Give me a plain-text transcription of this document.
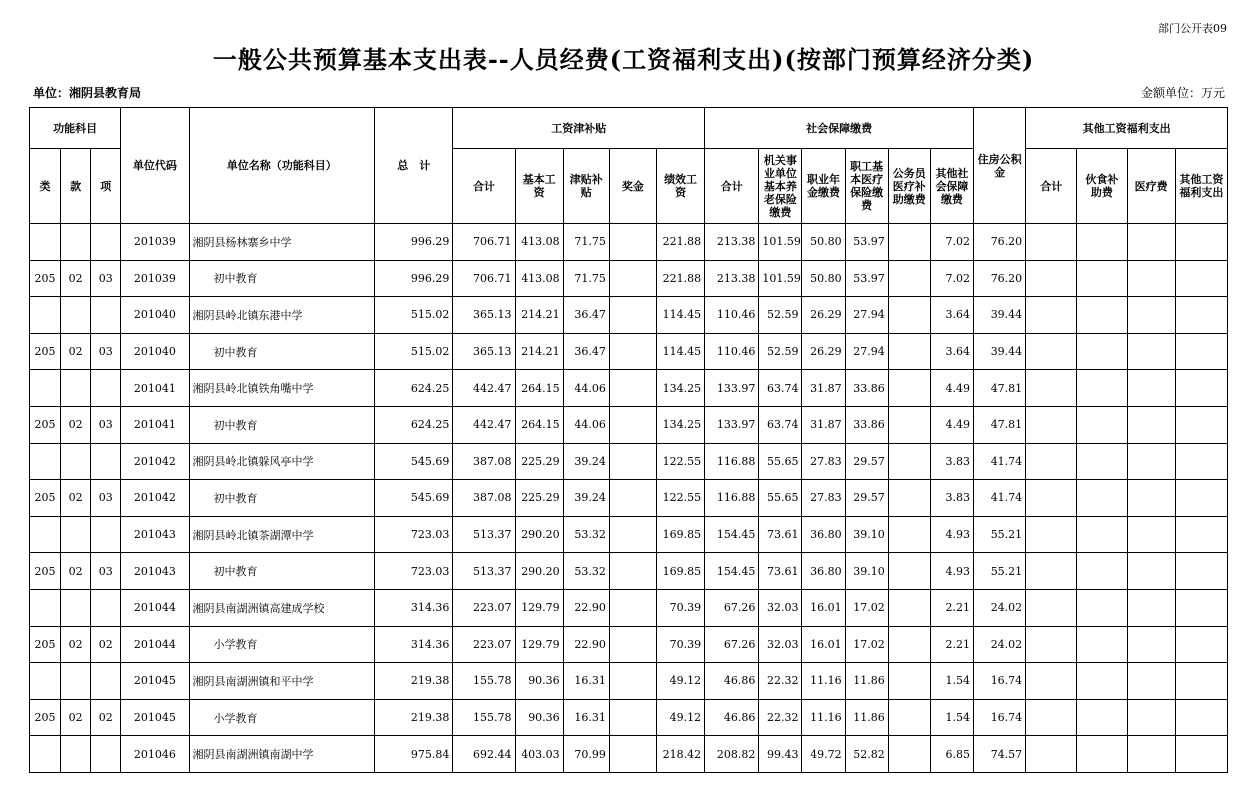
部门公开表09
一般公共预算基本支出表--人员经费(工资福利支出)(按部门预算经济分类)
单位：湘阴县教育局	金额单位：万元
功能科目			单位代码	单位名称（功能科目）	总　计	工资津补贴					社会保障缴费						住房公积金	其他工资福利支出			
类	款	项				合计	基本工资	津贴补贴	奖金	绩效工资	合计	机关事业单位基本养老保险缴费	职业年金缴费	职工基本医疗保险缴费	公务员医疗补助缴费	其他社会保障缴费		合计	伙食补助费	医疗费	其他工资福利支出
			201039	湘阴县杨林寨乡中学	996.29	706.71	413.08	71.75		221.88	213.38	101.59	50.80	53.97		7.02	76.20				
205	02	03	201039	初中教育	996.29	706.71	413.08	71.75		221.88	213.38	101.59	50.80	53.97		7.02	76.20				
			201040	湘阴县岭北镇东港中学	515.02	365.13	214.21	36.47		114.45	110.46	52.59	26.29	27.94		3.64	39.44				
205	02	03	201040	初中教育	515.02	365.13	214.21	36.47		114.45	110.46	52.59	26.29	27.94		3.64	39.44				
			201041	湘阴县岭北镇铁角嘴中学	624.25	442.47	264.15	44.06		134.25	133.97	63.74	31.87	33.86		4.49	47.81				
205	02	03	201041	初中教育	624.25	442.47	264.15	44.06		134.25	133.97	63.74	31.87	33.86		4.49	47.81				
			201042	湘阴县岭北镇躲风亭中学	545.69	387.08	225.29	39.24		122.55	116.88	55.65	27.83	29.57		3.83	41.74				
205	02	03	201042	初中教育	545.69	387.08	225.29	39.24		122.55	116.88	55.65	27.83	29.57		3.83	41.74				
			201043	湘阴县岭北镇茶湖潭中学	723.03	513.37	290.20	53.32		169.85	154.45	73.61	36.80	39.10		4.93	55.21				
205	02	03	201043	初中教育	723.03	513.37	290.20	53.32		169.85	154.45	73.61	36.80	39.10		4.93	55.21				
			201044	湘阴县南湖洲镇高建成学校	314.36	223.07	129.79	22.90		70.39	67.26	32.03	16.01	17.02		2.21	24.02				
205	02	02	201044	小学教育	314.36	223.07	129.79	22.90		70.39	67.26	32.03	16.01	17.02		2.21	24.02				
			201045	湘阴县南湖洲镇和平中学	219.38	155.78	90.36	16.31		49.12	46.86	22.32	11.16	11.86		1.54	16.74				
205	02	02	201045	小学教育	219.38	155.78	90.36	16.31		49.12	46.86	22.32	11.16	11.86		1.54	16.74				
			201046	湘阴县南湖洲镇南湖中学	975.84	692.44	403.03	70.99		218.42	208.82	99.43	49.72	52.82		6.85	74.57				
